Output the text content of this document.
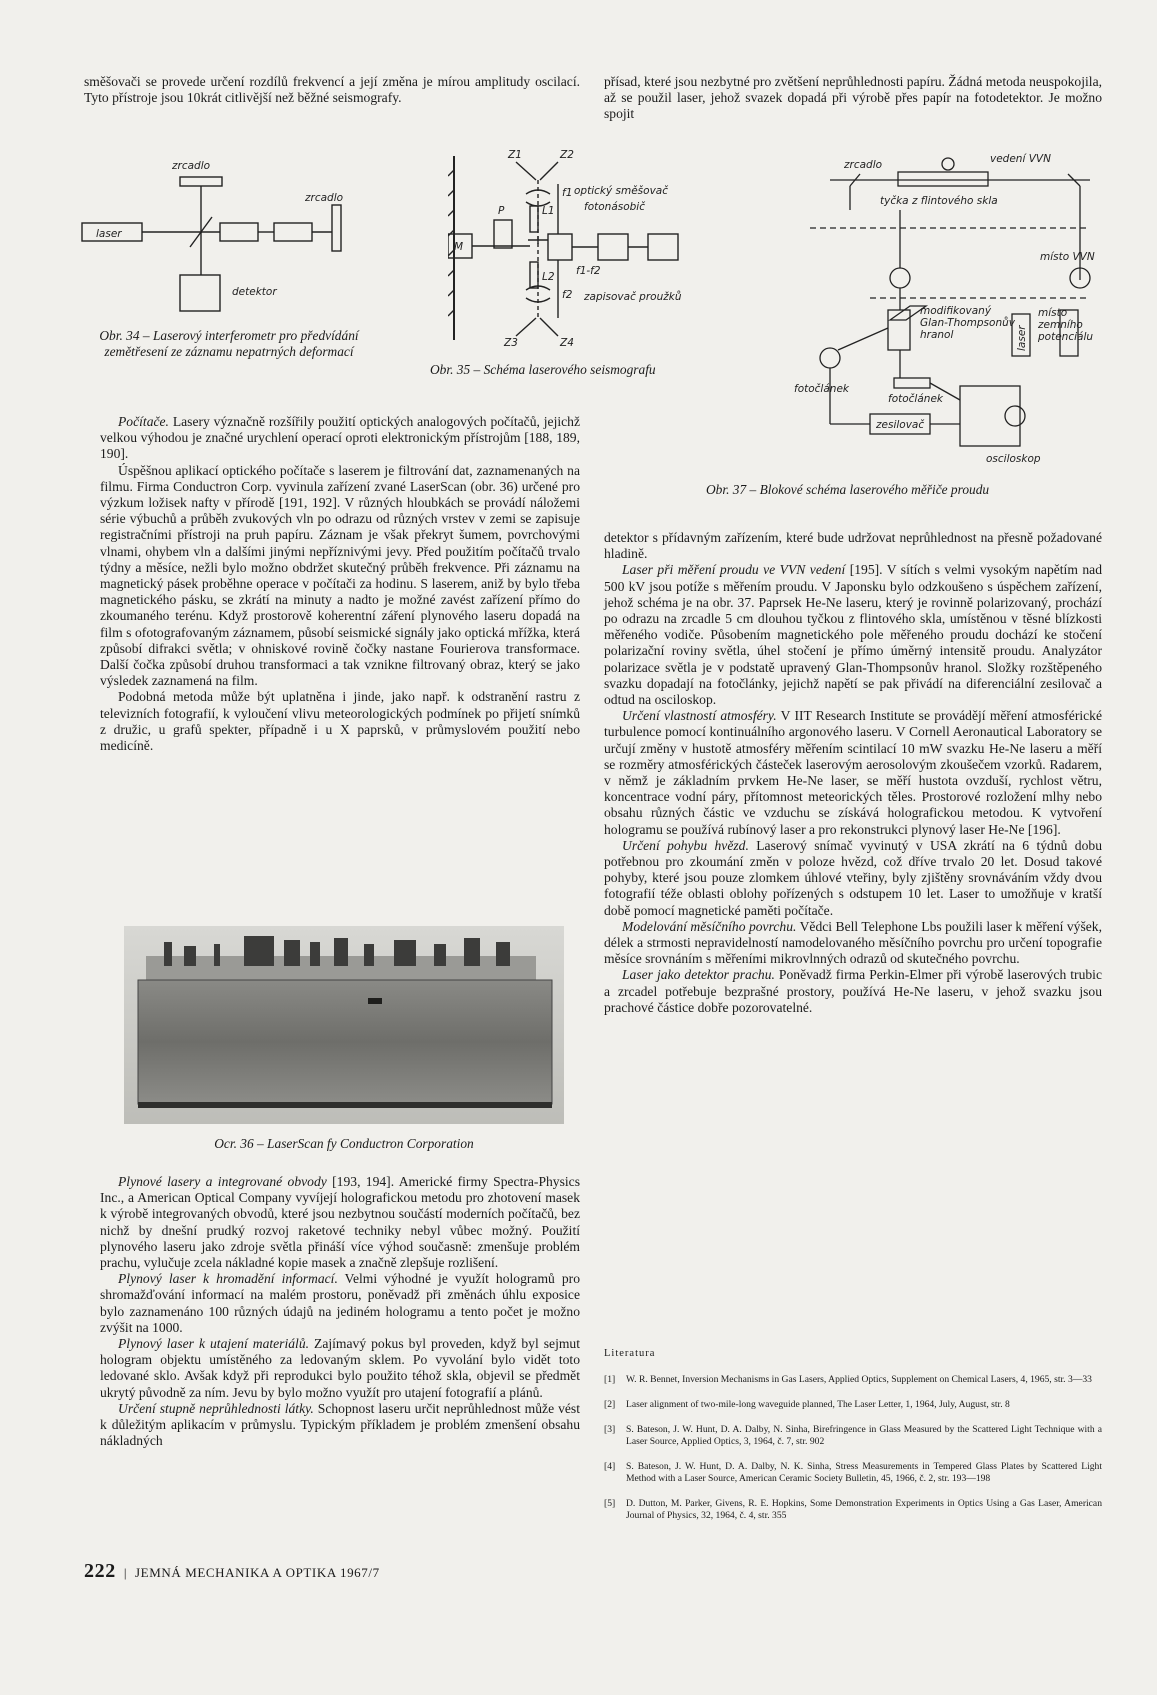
směšovači se provede určení rozdílů frekvencí a její změna je mírou amplitudy oscilací. Tyto přístroje jsou 10krát citlivější než běžné seismografy.

přísad, které jsou nezbytné pro zvětšení neprůhlednosti papíru. Žádná metoda neuspokojila, až se použil laser, jehož svazek dopadá při výrobě přes papír na fotodetektor. Je možno spojit

zrcadlo
zrcadlo
laser
detektor
Obr. 34 – Laserový interferometr pro předvídání zemětřesení ze záznamu nepatrných deformací
Z1	Z2
Z3	Z4
P
M
L1
L2
f1
f2
f1-f2
optický směšovač
fotonásobič
zapisovač proužků
Obr. 35 – Schéma laserového seismografu
zrcadlo	vedení VVN
tyčka z flintového skla
místo VVN
modifikovaný
Glan-Thompsonův
hranol
místo
zemního
potenciálu
laser
fotočlánek
fotočlánek
zesilovač
osciloskop
Obr. 37 – Blokové schéma laserového měřiče proudu

Počítače. Lasery význačně rozšířily použití optických analogových počítačů, jejichž velkou výhodou je značné urychlení operací oproti elektronickým přístrojům [188, 189, 190].

Úspěšnou aplikací optického počítače s laserem je filtrování dat, zaznamenaných na filmu. Firma Conductron Corp. vyvinula zařízení zvané LaserScan (obr. 36) určené pro výzkum ložisek nafty v přírodě [191, 192]. V různých hloubkách se provádí náložemi série výbuchů a průběh zvukových vln po odrazu od různých vrstev v zemi se zapisuje registračními přístroji na pruh papíru. Záznam je však překryt šumem, povrchovými vlnami, ohybem vln a dalšími jinými nepříznivými jevy. Před použitím počítačů trvalo týdny a měsíce, nežli bylo možno obdržet skutečný průběh frekvence. Při záznamu na magnetický pásek proběhne operace v počítači za hodinu. S laserem, aniž by bylo třeba magnetického pásku, se zkrátí na minuty a nadto je možné zavést zařízení přímo do zkoumaného terénu. Když prostorově koherentní záření plynového laseru dopadá na film s ofotografovaným záznamem, působí seismické signály jako optická mřížka, která způsobí difrakci světla; v ohniskové rovině čočky nastane Fourierova transformace. Další čočka způsobí druhou transformaci a tak vznikne filtrovaný obraz, který se jako výsledek zaznamená na film.

Podobná metoda může být uplatněna i jinde, jako např. k odstranění rastru z televizních fotografií, k vyloučení vlivu meteorologických podmínek po přijetí snímků z družic, u grafů spekter, případně i u X paprsků, v průmyslovém použití nebo medicíně.

Ocr. 36 – LaserScan fy Conductron Corporation

Plynové lasery a integrované obvody [193, 194]. Americké firmy Spectra-Physics Inc., a American Optical Company vyvíjejí holografickou metodu pro zhotovení masek k výrobě integrovaných obvodů, které jsou nezbytnou součástí moderních počítačů, bez nichž by dnešní prudký rozvoj raketové techniky nebyl vůbec možný. Použití plynového laseru jako zdroje světla přináší více výhod současně: zmenšuje problém prachu, vylučuje zcela nákladné kopie masek a značně zlepšuje rozlišení.

Plynový laser k hromadění informací. Velmi výhodné je využít hologramů pro shromažďování informací na malém prostoru, poněvadž při změnách úhlu exposice bylo zaznamenáno 100 různých údajů na jediném hologramu a tento počet je možno zvýšit na 1000.

Plynový laser k utajení materiálů. Zajímavý pokus byl proveden, když byl sejmut hologram objektu umístěného za ledovaným sklem. Po vyvolání bylo vidět toto ledované sklo. Avšak když při reprodukci bylo použito téhož skla, objevil se předmět ukrytý původně za ním. Jevu by bylo možno využít pro utajení fotografií a plánů.

Určení stupně neprůhlednosti látky. Schopnost laseru určit neprůhlednost může vést k důležitým aplikacím v průmyslu. Typickým příkladem je problém zmenšení obsahu nákladných

detektor s přídavným zařízením, které bude udržovat neprůhlednost na přesně požadované hladině.

Laser při měření proudu ve VVN vedení [195]. V sítích s velmi vysokým napětím nad 500 kV jsou potíže s měřením proudu. V Japonsku bylo odzkoušeno s úspěchem zařízení, jehož schéma je na obr. 37. Paprsek He-Ne laseru, který je rovinně polarizovaný, prochází po odrazu na zrcadle 5 cm dlouhou tyčkou z flintového skla, umístěnou v těsné blízkosti měřeného vodiče. Působením magnetického pole měřeného proudu dochází ke stočení polarizační roviny světla, úhel stočení je přímo úměrný intensitě proudu. Analyzátor polarizace světla je v podstatě upravený Glan-Thompsonův hranol. Složky rozštěpeného svazku dopadají na fotočlánky, jejichž napětí se pak přivádí na diferenciální zesilovač a odtud na osciloskop.

Určení vlastností atmosféry. V IIT Research Institute se provádějí měření atmosférické turbulence pomocí kontinuálního argonového laseru. V Cornell Aeronautical Laboratory se určují změny v hustotě atmosféry měřením scintilací 10 mW svazku He-Ne laseru a měří se rozměry atmosférických částeček laserovým aerosolovým zkoušečem vzorků. Radarem, v němž je základním prvkem He-Ne laser, se měří hustota ovzduší, rychlost větru, koncentrace vodní páry, přítomnost meteorických těles. Prostorové rozložení mlhy nebo obsahu různých částic ve vzduchu se získává holografickou metodou. K vytvoření hologramu se používá rubínový laser a pro rekonstrukci plynový laser He-Ne [196].

Určení pohybu hvězd. Laserový snímač vyvinutý v USA zkrátí na 6 týdnů dobu potřebnou pro zkoumání změn v poloze hvězd, což dříve trvalo 20 let. Dosud takové pohyby, které jsou pouze zlomkem úhlové vteřiny, byly zjištěny srovnáváním vždy dvou fotografií téže oblasti oblohy pořízených s odstupem 10 let. Laser to umožňuje v kratší době pomocí magnetické paměti počítače.

Modelování měsíčního povrchu. Vědci Bell Telephone Lbs použili laser k měření výšek, délek a strmosti nepravidelností namodelovaného měsíčního povrchu pro určení topografie měsíce srovnáním s měřeními mikrovlnných odrazů od skutečného povrchu.

Laser jako detektor prachu. Poněvadž firma Perkin-Elmer při výrobě laserových trubic a zrcadel potřebuje bezprašné prostory, používá He-Ne laseru, v jehož svazku jsou prachové částice dobře pozorovatelné.

Literatura
[1]	W. R. Bennet, Inversion Mechanisms in Gas Lasers, Applied Optics, Supplement on Chemical Lasers, 4, 1965, str. 3—33
[2]	Laser alignment of two-mile-long waveguide planned, The Laser Letter, 1, 1964, July, August, str. 8
[3]	S. Bateson, J. W. Hunt, D. A. Dalby, N. Sinha, Birefringence in Glass Measured by the Scattered Light Technique with a Laser Source, Applied Optics, 3, 1964, č. 7, str. 902
[4]	S. Bateson, J. W. Hunt, D. A. Dalby, N. K. Sinha, Stress Measurements in Tempered Glass Plates by Scattered Light Method with a Laser Source, American Ceramic Society Bulletin, 45, 1966, č. 2, str. 193—198
[5]	D. Dutton, M. Parker, Givens, R. E. Hopkins, Some Demonstration Experiments in Optics Using a Gas Laser, American Journal of Physics, 32, 1964, č. 4, str. 355
222 | JEMNÁ MECHANIKA A OPTIKA 1967/7
